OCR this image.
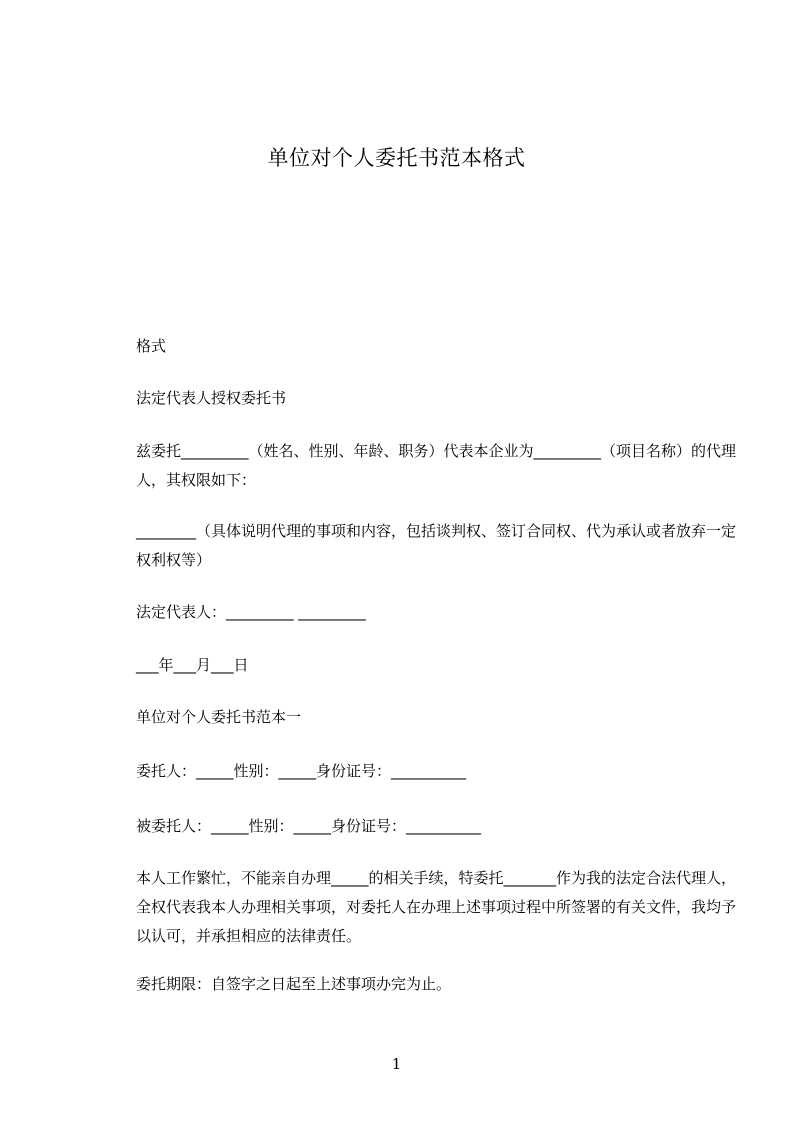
单位对个人委托书范本格式
格式
法定代表人授权委托书
兹委托_________（姓名、性别、年龄、职务）代表本企业为_________（项目名称）的代理人，其权限如下：
________（具体说明代理的事项和内容，包括谈判权、签订合同权、代为承认或者放弃一定权利权等）
法定代表人：_________ _________
___年___月___日
单位对个人委托书范本一
委托人：_____性别：_____身份证号：__________
被委托人：_____性别：_____身份证号：__________
本人工作繁忙，不能亲自办理_____的相关手续，特委托_______作为我的法定合法代理人，全权代表我本人办理相关事项，对委托人在办理上述事项过程中所签署的有关文件，我均予以认可，并承担相应的法律责任。
委托期限：自签字之日起至上述事项办完为止。
1
